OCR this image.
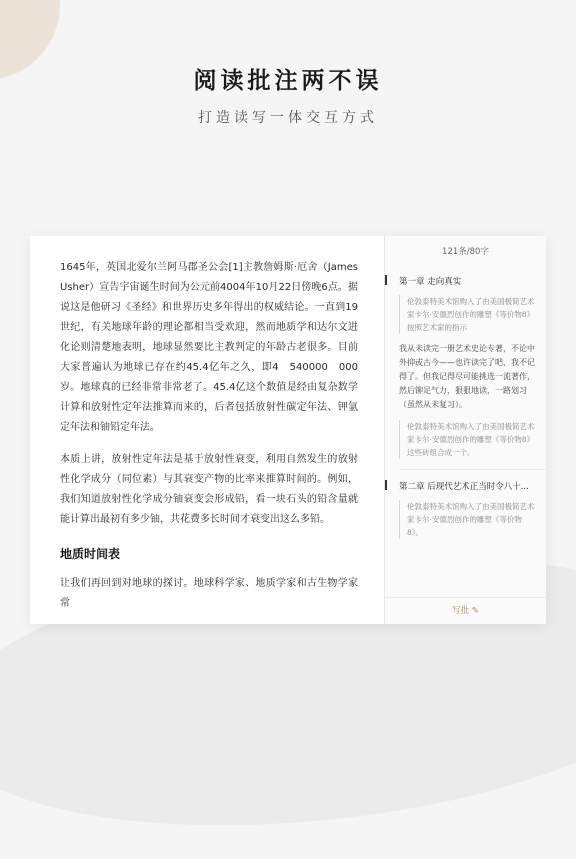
阅读批注两不误
打造读写一体交互方式

1645年，英国北爱尔兰阿马郡圣公会[1]主教詹姆斯·厄舍（James Usher）宣告宇宙诞生时间为公元前4004年10月22日傍晚6点。据说这是他研习《圣经》和世界历史多年得出的权威结论。一直到19世纪，有关地球年龄的理论都相当受欢迎，然而地质学和达尔文进化论则清楚地表明，地球显然要比主教判定的年龄古老很多。目前大家普遍认为地球已存在约45.4亿年之久，即4　540000　000岁。地球真的已经非常非常老了。45.4亿这个数值是经由复杂数学计算和放射性定年法推算而来的，后者包括放射性碳定年法、钾氩定年法和铀铅定年法。

本质上讲，放射性定年法是基于放射性衰变，利用自然发生的放射性化学成分（同位素）与其衰变产物的比率来推算时间的。例如，我们知道放射性化学成分铀衰变会形成铅，看一块石头的铅含量就能计算出最初有多少铀，共花费多长时间才衰变出这么多铅。

地质时间表

让我们再回到对地球的探讨。地球科学家、地质学家和古生物学家常

121条/80字
第一章 走向真实
伦敦泰特美术馆购入了由美国极简艺术家卡尔·安德烈创作的雕塑《等价物8》按照艺术家的指示
我从未读完一册艺术史论专著，不论中外抑或古今——也许读完了吧，我不记得了。但我记得尽可能挑选一流著作，然后铆足气力，狠狠地读，一路划习（虽然从未复习）。
伦敦泰特美术馆购入了由美国极简艺术家卡尔·安德烈创作的雕塑《等价物8》这些砖组合成一个。
第二章 后现代艺术正当时令八十...
伦敦泰特美术馆购入了由美国极简艺术家卡尔·安德烈创作的雕塑《等价物8》。
写批 ✎
